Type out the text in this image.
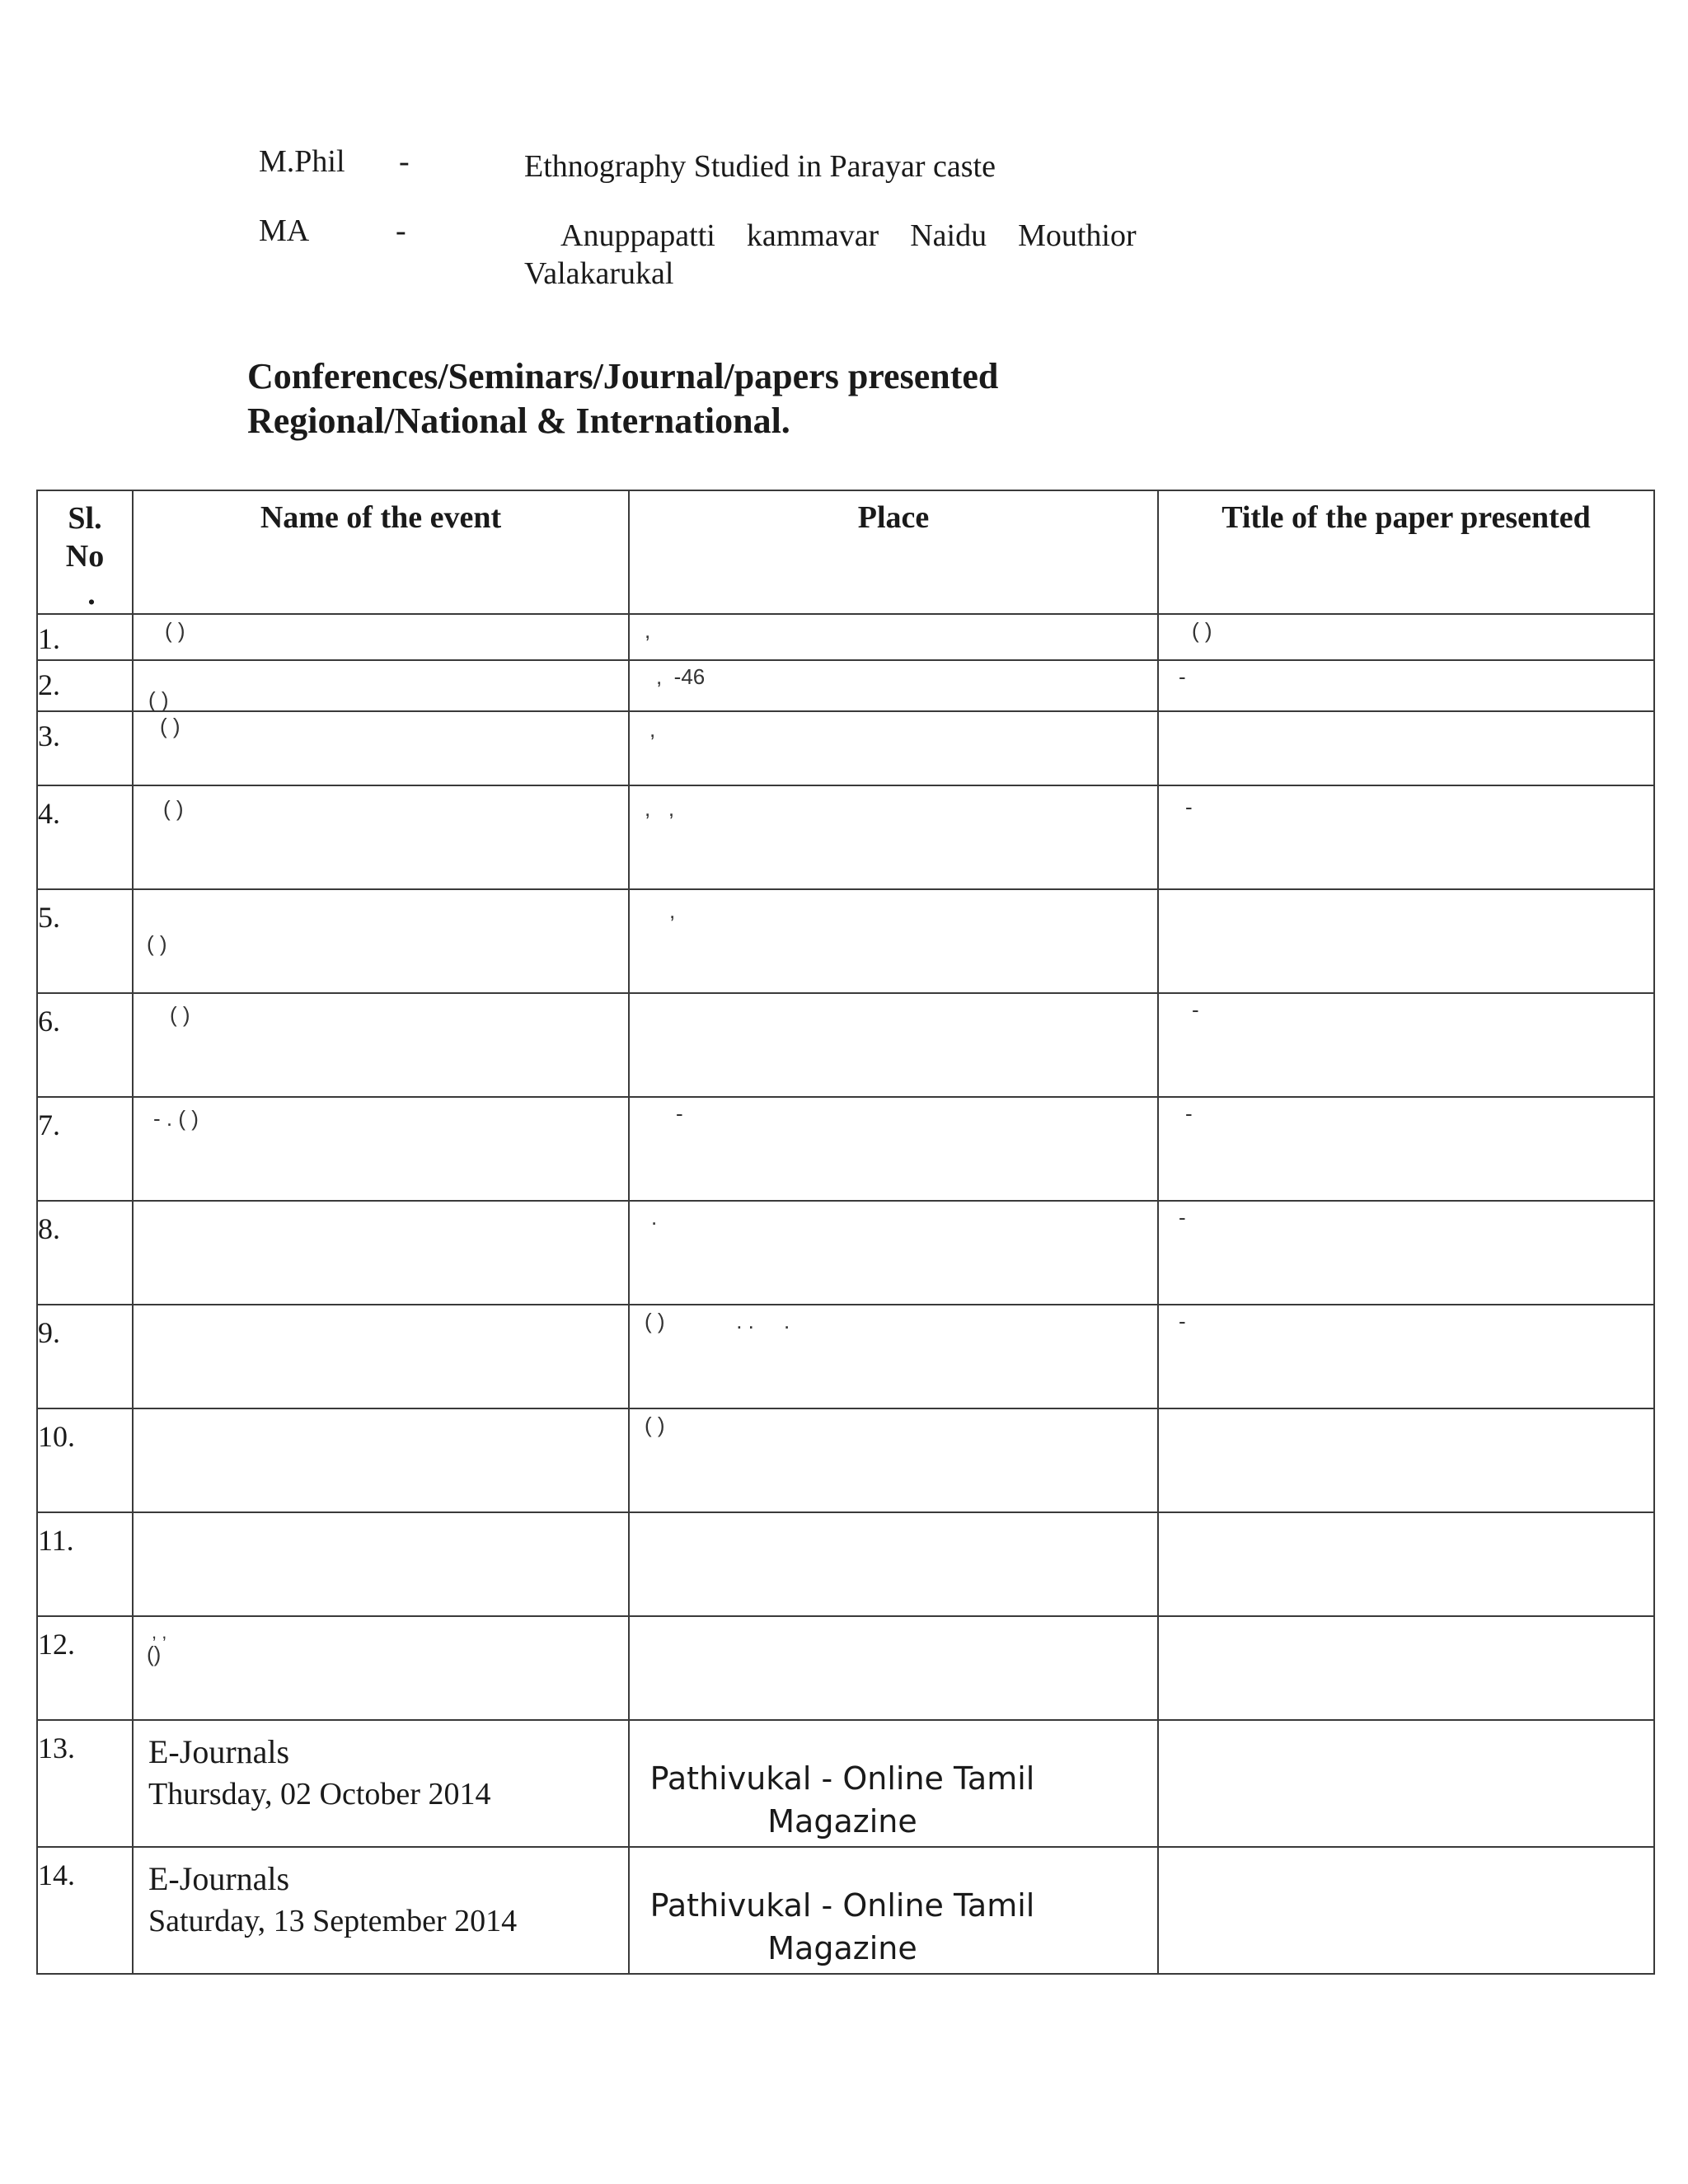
M.Phil -	Ethnography Studied in Parayar caste
MA	-	Anuppapatti    kammavar    Naidu    Mouthior
Valakarukal
Conferences/Seminars/Journal/papers presented
Regional/National & International.
Sl.
No
.	Name of the event	Place	Title of the paper presented
1.	( )	,	( )

2.	( )	,  -46	-

3.	( )	,	

4.	( )	,   ,	-

5.	( )	,	

6.	( )		-

7.	- . ( )	-	-

8.		.	-

9.		( )            . .     .	-

10.		( )	

11.	

12.	, ,
()		

13.	E-Journals
Thursday, 02 October 2014	Pathivukal - Online Tamil
Magazine	

14.	E-Journals
Saturday, 13 September 2014	Pathivukal - Online Tamil
Magazine	
